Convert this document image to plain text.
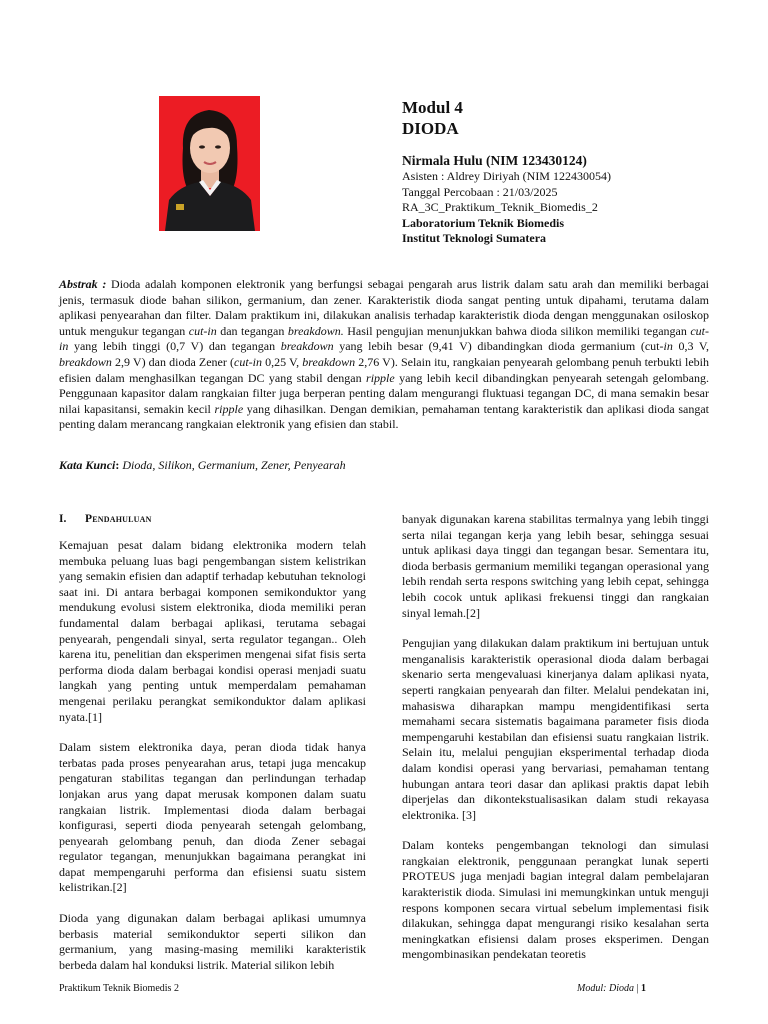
Modul 4
DIODA
Nirmala Hulu (NIM 123430124)
Asisten : Aldrey Diriyah (NIM 122430054)
Tanggal Percobaan : 21/03/2025
RA_3C_Praktikum_Teknik_Biomedis_2
Laboratorium Teknik Biomedis
Institut Teknologi Sumatera

Abstrak : Dioda adalah komponen elektronik yang berfungsi sebagai pengarah arus listrik dalam satu arah dan memiliki berbagai jenis, termasuk diode bahan silikon, germanium, dan zener. Karakteristik dioda sangat penting untuk dipahami, terutama dalam aplikasi penyearahan dan filter. Dalam praktikum ini, dilakukan analisis terhadap karakteristik dioda dengan menggunakan osiloskop untuk mengukur tegangan cut-in dan tegangan breakdown. Hasil pengujian menunjukkan bahwa dioda silikon memiliki tegangan cut-in yang lebih tinggi (0,7 V) dan tegangan breakdown yang lebih besar (9,41 V) dibandingkan dioda germanium (cut-in 0,3 V, breakdown 2,9 V) dan dioda Zener (cut-in 0,25 V, breakdown 2,76 V). Selain itu, rangkaian penyearah gelombang penuh terbukti lebih efisien dalam menghasilkan tegangan DC yang stabil dengan ripple yang lebih kecil dibandingkan penyearah setengah gelombang. Penggunaan kapasitor dalam rangkaian filter juga berperan penting dalam mengurangi fluktuasi tegangan DC, di mana semakin besar nilai kapasitansi, semakin kecil ripple yang dihasilkan. Dengan demikian, pemahaman tentang karakteristik dan aplikasi dioda sangat penting dalam merancang rangkaian elektronik yang efisien dan stabil.

Kata Kunci: Dioda, Silikon, Germanium, Zener, Penyearah

I. Pendahuluan

Kemajuan pesat dalam bidang elektronika modern telah membuka peluang luas bagi pengembangan sistem kelistrikan yang semakin efisien dan adaptif terhadap kebutuhan teknologi saat ini. Di antara berbagai komponen semikonduktor yang mendukung evolusi sistem elektronika, dioda memiliki peran fundamental dalam berbagai aplikasi, terutama sebagai penyearah, pengendali sinyal, serta regulator tegangan.. Oleh karena itu, penelitian dan eksperimen mengenai sifat fisis serta performa dioda dalam berbagai kondisi operasi menjadi suatu langkah yang penting untuk memperdalam pemahaman mengenai perilaku perangkat semikonduktor dalam aplikasi nyata.[1]

Dalam sistem elektronika daya, peran dioda tidak hanya terbatas pada proses penyearahan arus, tetapi juga mencakup pengaturan stabilitas tegangan dan perlindungan terhadap lonjakan arus yang dapat merusak komponen dalam suatu rangkaian listrik. Implementasi dioda dalam berbagai konfigurasi, seperti dioda penyearah setengah gelombang, penyearah gelombang penuh, dan dioda Zener sebagai regulator tegangan, menunjukkan bagaimana perangkat ini dapat mempengaruhi performa dan efisiensi suatu sistem kelistrikan.[2]

Dioda yang digunakan dalam berbagai aplikasi umumnya berbasis material semikonduktor seperti silikon dan germanium, yang masing-masing memiliki karakteristik berbeda dalam hal konduksi listrik. Material silikon lebih

banyak digunakan karena stabilitas termalnya yang lebih tinggi serta nilai tegangan kerja yang lebih besar, sehingga sesuai untuk aplikasi daya tinggi dan tegangan besar. Sementara itu, dioda berbasis germanium memiliki tegangan operasional yang lebih rendah serta respons switching yang lebih cepat, sehingga lebih cocok untuk aplikasi frekuensi tinggi dan rangkaian sinyal lemah.[2]

Pengujian yang dilakukan dalam praktikum ini bertujuan untuk menganalisis karakteristik operasional dioda dalam berbagai skenario serta mengevaluasi kinerjanya dalam aplikasi nyata, seperti rangkaian penyearah dan filter. Melalui pendekatan ini, mahasiswa diharapkan mampu mengidentifikasi serta memahami secara sistematis bagaimana parameter fisis dioda mempengaruhi kestabilan dan efisiensi suatu rangkaian listrik. Selain itu, melalui pengujian eksperimental terhadap dioda dalam kondisi operasi yang bervariasi, pemahaman tentang hubungan antara teori dasar dan aplikasi praktis dapat lebih diperjelas dan dikontekstualisasikan dalam studi rekayasa elektronika. [3]

Dalam konteks pengembangan teknologi dan simulasi rangkaian elektronik, penggunaan perangkat lunak seperti PROTEUS juga menjadi bagian integral dalam pembelajaran karakteristik dioda. Simulasi ini memungkinkan untuk menguji respons komponen secara virtual sebelum implementasi fisik dilakukan, sehingga dapat mengurangi risiko kesalahan serta meningkatkan efisiensi dalam proses eksperimen. Dengan mengombinasikan pendekatan teoretis

Praktikum Teknik Biomedis 2	Modul: Dioda | 1
